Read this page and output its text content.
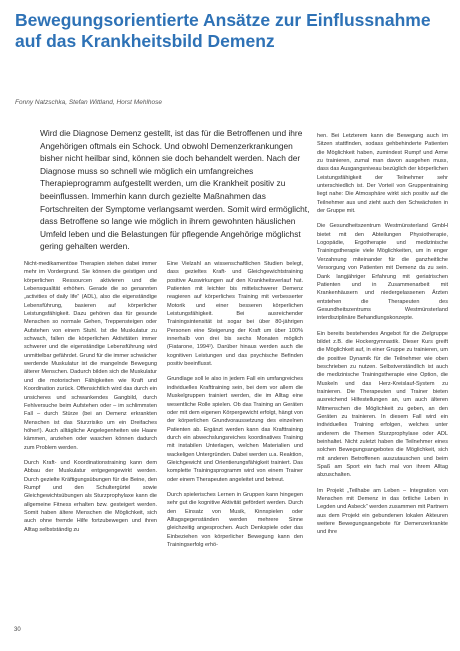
Bewegungsorientierte Ansätze zur Einflussnahme auf das Krankheitsbild Demenz

Fonny Natzschka, Stefan Wittland, Horst Mehlhose

Wird die Diagnose Demenz gestellt, ist das für die Betroffenen und ihre Angehörigen oftmals ein Schock. Und obwohl Demenzerkrankungen bisher nicht heilbar sind, können sie doch behandelt werden. Nach der Diagnose muss so schnell wie möglich ein umfangreiches Therapieprogramm aufgestellt werden, um die Krankheit positiv zu beeinflussen. Immerhin kann durch gezielte Maßnahmen das Fortschreiten der Symptome verlangsamt werden. Somit wird ermöglicht, dass Betroffene so lange wie möglich in ihrem gewohnten häuslichen Umfeld leben und die Belastungen für pflegende Angehörige möglichst gering gehalten werden.

Nicht-medikamentöse Therapien stehen dabei immer mehr im Vordergrund. Sie können die geistigen und körperlichen Ressourcen aktivieren und die Lebensqualität erhöhen. Gerade die so genannten „activities of daily life“ (ADL), also die eigenständige Lebensführung, basieren auf körperlicher Leistungsfähigkeit. Dazu gehören das für gesunde Menschen so normale Gehen, Treppensteigen oder Aufstehen von einem Stuhl. Ist die Muskulatur zu schwach, fallen die körperlichen Aktivitäten immer schwerer und die eigenständige Lebensführung wird unmittelbar gefährdet. Grund für die immer schwächer werdende Muskulatur ist die mangelnde Bewegung älterer Menschen. Dadurch bilden sich die Muskulatur und die motorischen Fähigkeiten wie Kraft und Koordination zurück. Offensichtlich wird das durch ein unsicheres und schwankendes Gangbild, durch Fehlversuche beim Aufstehen oder – im schlimmsten Fall – durch Stürze (bei an Demenz erkrankten Menschen ist das Sturzrisiko um ein Dreifaches höher!). Auch alltägliche Angelegenheiten wie Haare kämmen, anziehen oder waschen können dadurch zum Problem werden.

Durch Kraft- und Koordinationstraining kann dem Abbau der Muskulatur entgegengewirkt werden. Durch gezielte Kräftigungsübungen für die Beine, den Rumpf und den Schultergürtel sowie Gleichgewichtsübungen als Sturzprophylaxe kann die allgemeine Fitness erhalten bzw. gesteigert werden. Somit haben ältere Menschen die Möglichkeit, sich auch ohne fremde Hilfe fortzubewegen und ihren Alltag selbstständig zu

Eine Vielzahl an wissenschaftlichen Studien belegt, dass gezieltes Kraft- und Gleichgewichtstraining positive Auswirkungen auf den Krankheitsverlauf hat. Patienten mit leichter bis mittelschwerer Demenz reagieren auf körperliches Training mit verbesserter Motorik und einer besseren körperlichen Leistungsfähigkeit. Bei ausreichender Trainingsintensität ist sogar bei über 80-jährigen Personen eine Steigerung der Kraft um über 100% innerhalb von drei bis sechs Monaten möglich (Fiatarone, 1994¹). Darüber hinaus werden auch die kognitiven Leistungen und das psychische Befinden positiv beeinflusst.

Grundlage soll le also in jedem Fall ein umfangreiches individuelles Krafttraining sein, bei dem vor allem die Muskelgruppen trainiert werden, die im Alltag eine wesentliche Rolle spielen. Ob das Training an Geräten oder mit dem eigenen Körpergewicht erfolgt, hängt von der körperlichen Grundvoraussetzung des einzelnen Patienten ab. Ergänzt werden kann das Krafttraining durch ein abwechslungsreiches koordinatives Training mit instabilen Unterlagen, welchen Materialien und wackeligen Untergründen. Dabei werden u.a. Reaktion, Gleichgewicht und Orientierungsfähigkeit trainiert. Das komplette Trainingsprogramm wird von einem Trainer oder einem Therapeuten angeleitet und betreut.

Durch spielerisches Lernen in Gruppen kann hingegen sehr gut die kognitive Aktivität gefördert werden. Durch den Einsatz von Musik, Kinnspielen oder Alltagsgegenständen werden mehrere Sinne gleichzeitig angesprochen. Auch Denkspiele oder das Einbeziehen von körperlicher Bewegung kann den Trainingserfolg erhö-

hen. Bei Letzterem kann die Bewegung auch im Sitzen stattfinden, sodass gehbehinderte Patienten die Möglichkeit haben, zumindest Rumpf und Arme zu trainieren, zumal man davon ausgehen muss, dass das Ausgangsniveau bezüglich der körperlichen Leistungsfähigkeit der Teilnehmer sehr unterschiedlich ist. Der Vorteil von Gruppentraining liegt nahe: Die Atmosphäre wirkt sich positiv auf die Teilnehmer aus und zieht auch den Schwächsten in der Gruppe mit.

Die Gesundheitszentrum Westmünsterland GmbH bietet mit den Abteilungen Physiotherapie, Logopädie, Ergotherapie und medizinische Trainingstherapie viele Möglichkeiten, um in enger Verzahnung miteinander für die ganzheitliche Versorgung von Patienten mit Demenz da zu sein. Dank langjähriger Erfahrung mit geriatrischen Patienten und in Zusammenarbeit mit Krankenhäusern und niedergelassenen Ärzten entstehen die Therapeuten des Gesundheitszentrums Westmünsterland interdisziplinäre Behandlungskonzepte.

Ein bereits bestehendes Angebot für die Zielgruppe bildet z.B. die Hockergymnastik. Dieser Kurs greift die Möglichkeit auf, in einer Gruppe zu trainieren, um die positive Dynamik für die Teilnehmer wie oben beschrieben zu nutzen. Selbstverständlich ist auch die medizinische Trainingstherapie eine Option, die Muskeln und das Herz-Kreislauf-System zu trainieren. Die Therapeuten und Trainer bieten ausreichend Hilfestellungen an, um auch älteren Mitmenschen die Möglichkeit zu geben, an den Geräten zu trainieren. In diesem Fall wird ein individuelles Training erfolgen, welches unter anderem die Themen Sturzprophylaxe oder ADL beinhaltet. Nicht zuletzt haben die Teilnehmer eines solchen Bewegungsangebotes die Möglichkeit, sich mit anderen Betroffenen auszutauschen und beim Spaß am Sport ein fach mal von ihrem Alltag abzuschalten.

Im Projekt „Teilhabe am Leben – Integration von Menschen mit Demenz in das örtliche Leben in Legden und Asbeck“ werden zusammen mit Partnern aus dem Projekt ein gebundenen lokalen Akteuren weitere Bewegungsangebote für Demenzerkrankte und ihre

30
